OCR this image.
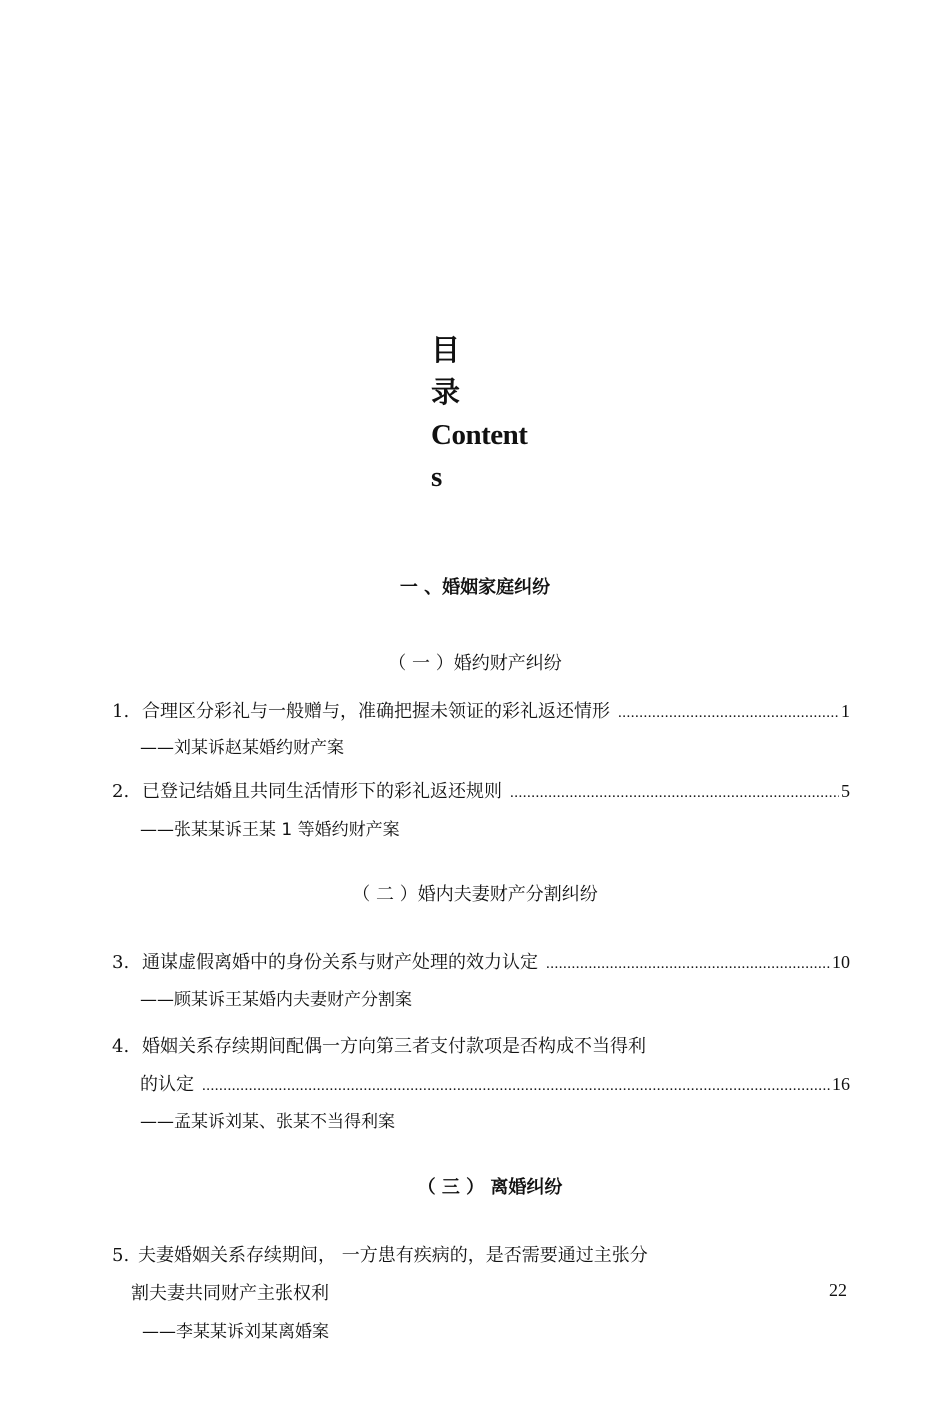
目
录
Content
s
一 、婚姻家庭纠纷
（ 一 ）婚约财产纠纷
1. 合理区分彩礼与一般赠与，准确把握未领证的彩礼返还情形 .....	1
——刘某诉赵某婚约财产案
2. 已登记结婚且共同生活情形下的彩礼返还规则 .....	5
——张某某诉王某 1 等婚约财产案
（ 二 ）婚内夫妻财产分割纠纷
3. 通谋虚假离婚中的身份关系与财产处理的效力认定 .....	10
——顾某诉王某婚内夫妻财产分割案
4. 婚姻关系存续期间配偶一方向第三者支付款项是否构成不当得利
的认定 .....	16
——孟某诉刘某、张某不当得利案
（ 三 ） 离婚纠纷
5. 夫妻婚姻关系存续期间， 一方患有疾病的，是否需要通过主张分
割夫妻共同财产主张权利	22
——李某某诉刘某离婚案
